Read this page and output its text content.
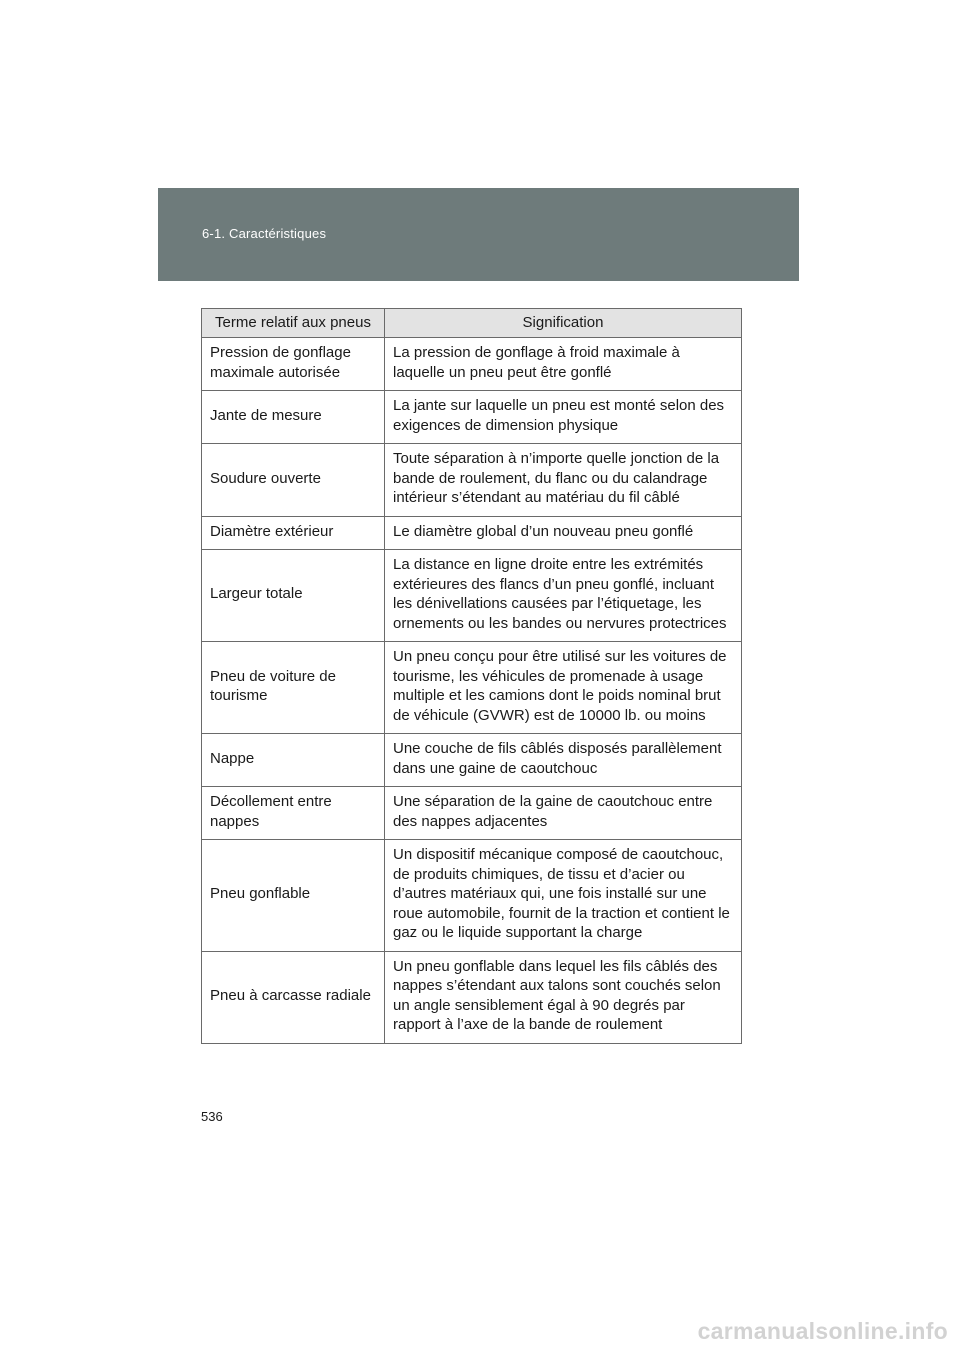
6-1. Caractéristiques
Terme relatif aux pneus	Signification
Pression de gonflage maximale autorisée	La pression de gonflage à froid maximale à laquelle un pneu peut être gonflé
Jante de mesure	La jante sur laquelle un pneu est monté selon des exigences de dimension physique
Soudure ouverte	Toute séparation à n’importe quelle jonction de la bande de roulement, du flanc ou du calandrage intérieur s’étendant au matériau du fil câblé
Diamètre extérieur	Le diamètre global d’un nouveau pneu gonflé
Largeur totale	La distance en ligne droite entre les extrémités extérieures des flancs d’un pneu gonflé, incluant les dénivellations causées par l’étiquetage, les ornements ou les bandes ou nervures protectrices
Pneu de voiture de tourisme	Un pneu conçu pour être utilisé sur les voitures de tourisme, les véhicules de promenade à usage multiple et les camions dont le poids nominal brut de véhicule (GVWR) est de 10000 lb. ou moins
Nappe	Une couche de fils câblés disposés parallèlement dans une gaine de caoutchouc
Décollement entre nappes	Une séparation de la gaine de caoutchouc entre des nappes adjacentes
Pneu gonflable	Un dispositif mécanique composé de caoutchouc, de produits chimiques, de tissu et d’acier ou d’autres matériaux qui, une fois installé sur une roue automobile, fournit de la traction et contient le gaz ou le liquide supportant la charge
Pneu à carcasse radiale	Un pneu gonflable dans lequel les fils câblés des nappes s’étendant aux talons sont couchés selon un angle sensiblement égal à 90 degrés par rapport à l’axe de la bande de roulement
536
carmanualsonline.info
